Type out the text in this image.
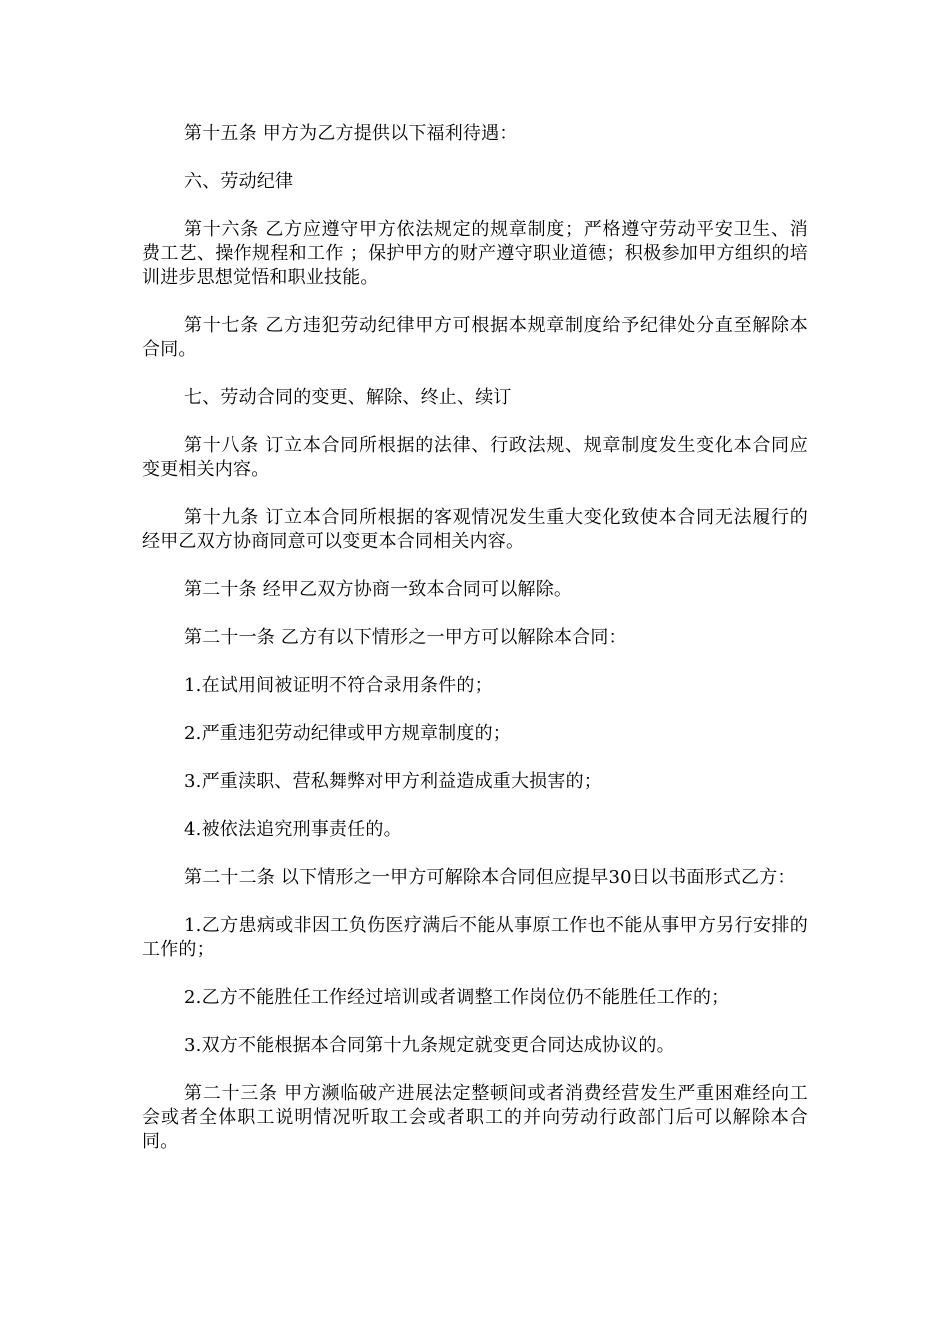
第十五条 甲方为乙方提供以下福利待遇：

六、劳动纪律

第十六条 乙方应遵守甲方依法规定的规章制度；严格遵守劳动平安卫生、消费工艺、操作规程和工作 ；保护甲方的财产遵守职业道德；积极参加甲方组织的培训进步思想觉悟和职业技能。

第十七条 乙方违犯劳动纪律甲方可根据本规章制度给予纪律处分直至解除本合同。

七、劳动合同的变更、解除、终止、续订

第十八条 订立本合同所根据的法律、行政法规、规章制度发生变化本合同应变更相关内容。

第十九条 订立本合同所根据的客观情况发生重大变化致使本合同无法履行的经甲乙双方协商同意可以变更本合同相关内容。

第二十条 经甲乙双方协商一致本合同可以解除。

第二十一条 乙方有以下情形之一甲方可以解除本合同：

1.在试用间被证明不符合录用条件的；

2.严重违犯劳动纪律或甲方规章制度的；

3.严重渎职、营私舞弊对甲方利益造成重大损害的；

4.被依法追究刑事责任的。

第二十二条 以下情形之一甲方可解除本合同但应提早30日以书面形式乙方：

1.乙方患病或非因工负伤医疗满后不能从事原工作也不能从事甲方另行安排的工作的；

2.乙方不能胜任工作经过培训或者调整工作岗位仍不能胜任工作的；

3.双方不能根据本合同第十九条规定就变更合同达成协议的。

第二十三条 甲方濒临破产进展法定整顿间或者消费经营发生严重困难经向工会或者全体职工说明情况听取工会或者职工的并向劳动行政部门后可以解除本合同。
